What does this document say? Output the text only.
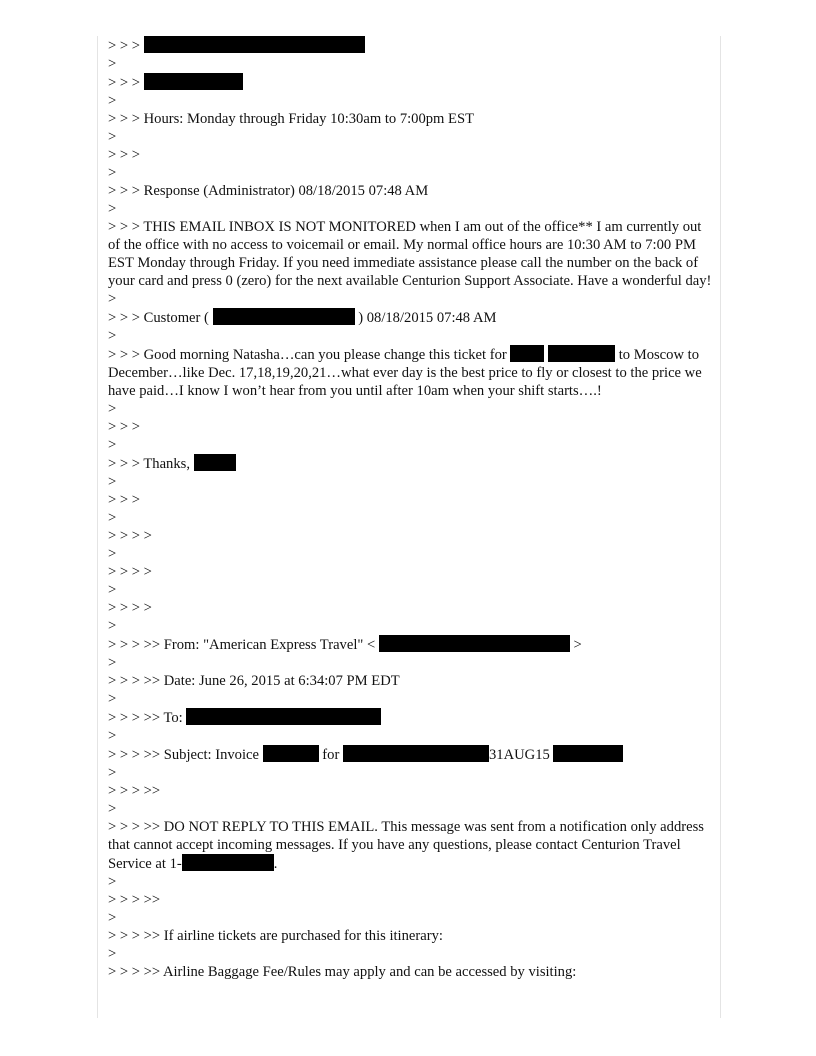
> > >
>
> > >
>
> > > Hours: Monday through Friday 10:30am to 7:00pm EST
>
> > >
>
> > > Response (Administrator) 08/18/2015 07:48 AM
>
> > > THIS EMAIL INBOX IS NOT MONITORED when I am out of the office** I am currently out of the office with no access to voicemail or email. My normal office hours are 10:30 AM to 7:00 PM EST Monday through Friday. If you need immediate assistance please call the number on the back of your card and press 0 (zero) for the next available Centurion Support Associate. Have a wonderful day!
>
> > > Customer (	) 08/18/2015 07:48 AM
>
> > > Good morning Natasha…can you please change this ticket for	to Moscow to December…like Dec. 17,18,19,20,21…what ever day is the best price to fly or closest to the price we have paid…I know I won’t hear from you until after 10am when your shift starts….!
>
> > >
>
> > > Thanks,
>
> > >
>
> > > >
>
> > > >
>
> > > >
>
> > > >> From: "American Express Travel" <	>
>
> > > >> Date: June 26, 2015 at 6:34:07 PM EDT
>
> > > >> To:
>
> > > >> Subject: Invoice	for	31AUG15
>
> > > >>
>
> > > >> DO NOT REPLY TO THIS EMAIL. This message was sent from a notification only address that cannot accept incoming messages. If you have any questions, please contact Centurion Travel Service at 1-	.
>
> > > >>
>
> > > >> If airline tickets are purchased for this itinerary:
>
> > > >> Airline Baggage Fee/Rules may apply and can be accessed by visiting:
